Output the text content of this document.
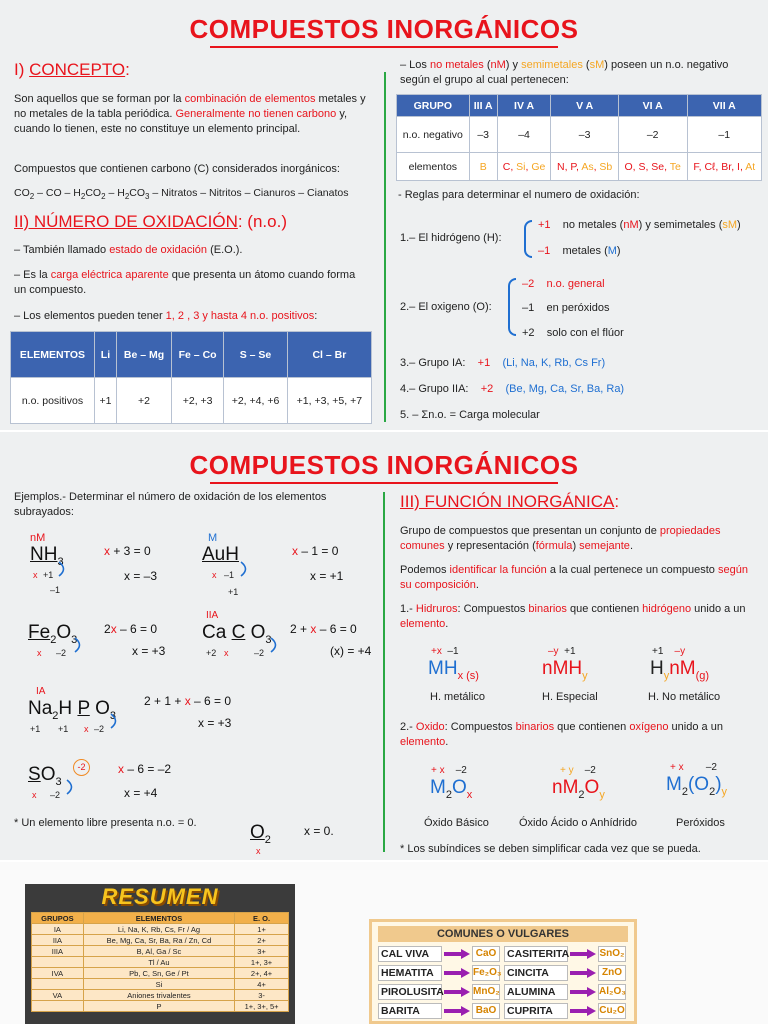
COMPUESTOS INORGÁNICOS
I) CONCEPTO:
Son aquellos que se forman por la combinación de elementos metales y no metales de la tabla periódica. Generalmente no tienen carbono y, cuando lo tienen, este no constituye un elemento principal.
Compuestos que contienen carbono (C) considerados inorgánicos:
$CO_2$ – CO – $H_2CO_2 - H_2CO_3$ – Nitratos – Nitritos – Cianuros – Cianatos
II) NÚMERO DE OXIDACIÓN: (n.o.)
– También llamado estado de oxidación (E.O.).
– Es la carga eléctrica aparente que presenta un átomo cuando forma un compuesto.
– Los elementos pueden tener 1, 2 , 3 y hasta 4 n.o. positivos:
ELEMENTOS	Li	Be – Mg	Fe – Co	S – Se	Cl – Br
n.o. positivos	+1	+2	+2, +3	+2, +4, +6	+1, +3, +5, +7
– Los no metales (nM) y semimetales (sM) poseen un n.o. negativo según el grupo al cual pertenecen:
GRUPO	III A	IV A	V A	VI A	VII A
n.o. negativo	–3	–4	–3	–2	–1
elementos	B	C, Si, Ge	N, P, As, Sb	O, S, Se, Te	F, Cℓ, Br, I, At
- Reglas para determinar el numero de oxidación:
1.– El hidrógeno (H):
+1 no metales (nM) y semimetales (sM)
–1 metales (M)
2.– El oxigeno (O):
–2 n.o. general
–1 en peróxidos
+2 solo con el flúor
3.– Grupo IA: +1 (Li, Na, K, Rb, Cs Fr)
4.– Grupo IIA: +2 (Be, Mg, Ca, Sr, Ba, Ra)
5. – Σn.o. = Carga molecular
COMPUESTOS INORGÁNICOS
Ejemplos.- Determinar el número de oxidación de los elementos subrayados:
nM
$NH_3$
x +1
–1
x + 3 = 0
x = –3
M
AuH
x –1
+1
x – 1 = 0
x = +1
$Fe_2O_3$
x –2
2x – 6 = 0
x = +3
IIA
Ca C $O_3$
+2 x	–2
2 + x – 6 = 0
(x) = +4
IA
$Na_2H$ P $O_3$
+1 +1 x –2
2 + 1 + x – 6 = 0
x = +3
$SO_3$
-2
x –2
x – 6 = –2
x = +4
* Un elemento libre presenta n.o. = 0.	$O_2$
x
x = 0.
III) FUNCIÓN INORGÁNICA:
Grupo de compuestos que presentan un conjunto de propiedades comunes y representación (fórmula) semejante.
Podemos identificar la función a la cual pertenece un compuesto según su composición.
1.- Hidruros: Compuestos binarios que contienen hidrógeno unido a un elemento.
+x  –1
$MH_{x (s)}$
H. metálico
–y  +1
nMH$_y$
H. Especial
+1    –y
$H_ynM_{(g)}$
H. No metálico
2.- Oxido: Compuestos binarios que contienen oxígeno unido a un elemento.
+ x –2
$M_2O_x$
Óxido Básico
+ y –2
$nM_2O_y$
Óxido Ácido o Anhídrido
+ x –2
$M_2(O_2)_y$
Peróxidos
* Los subíndices se deben simplificar cada vez que se pueda.
RESUMEN
GRUPOS	ELEMENTOS	E. O.
IA	Li, Na, K, Rb, Cs, Fr / Ag	1+
IIA	Be, Mg, Ca, Sr, Ba, Ra / Zn, Cd	2+
IIIA	B, Al, Ga / Sc	3+
	Tl / Au	1+, 3+
IVA	Pb, C, Sn, Ge / Pt	2+, 4+
	Si	4+
VA	Aniones trivalentes	3-
	P	1+, 3+, 5+
COMUNES O VULGARES
CAL VIVA	CaO
HEMATITA	Fe₂O₃
PIROLUSITA	MnO₂
BARITA	BaO
CASITERITA	SnO₂
CINCITA	ZnO
ALUMINA	Al₂O₃
CUPRITA	Cu₂O
